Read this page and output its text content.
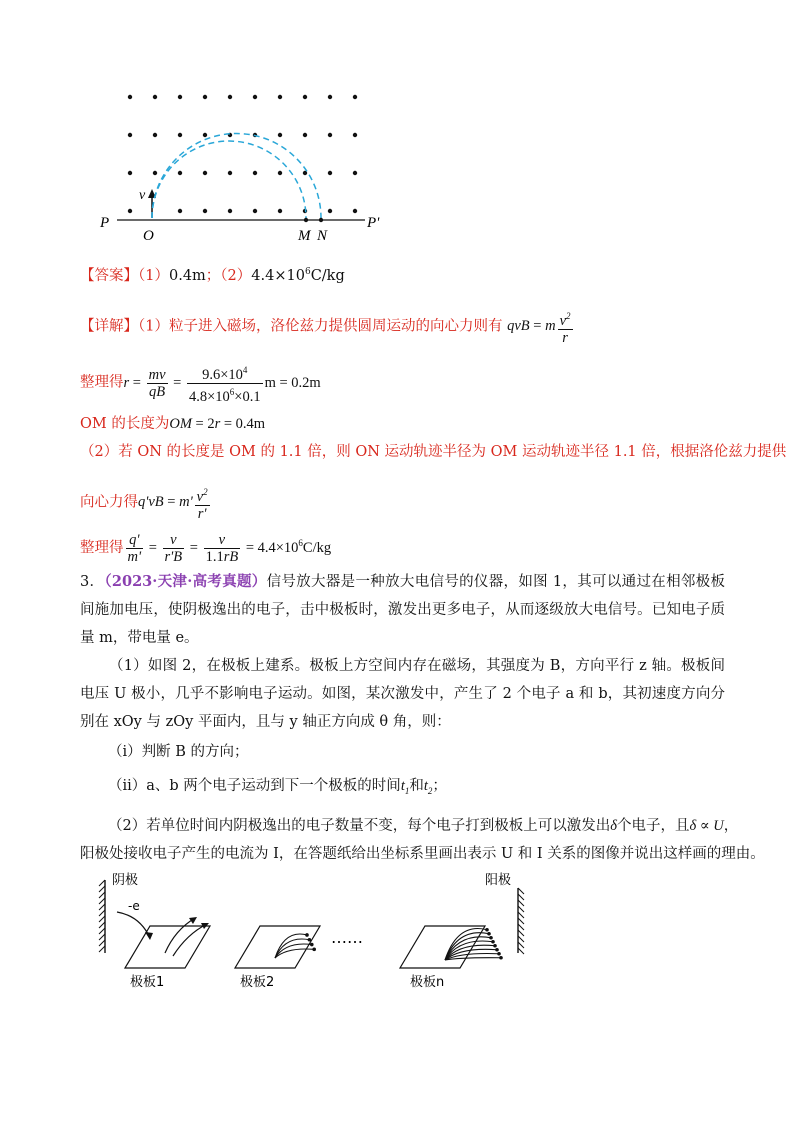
P	P'
O	M N
v
【答案】（1）0.4m；$(2)4.4\times 10^6C/kg$
【详解】（1）粒子进入磁场，洛伦兹力提供圆周运动的向心力则有 qvB = m $\frac{v^2}{r}$
整理得$r = \frac{mv}{qB} = \frac{9.6\times 10^4}{4.8\times 10^6\times 0.1}$ m = 0.2m
OM 的长度为OM = 2r = 0.4m
（2）若 ON 的长度是 OM 的 1.1 倍，则 ON 运动轨迹半径为 OM 运动轨迹半径 1.1 倍，根据洛伦兹力提供
向心力得$q'vB = m' \frac{v^2}{r'}$
整理得 $\frac{q'}{m'} = \frac{v}{r'B} = \frac{v}{1.1rB} = 4.4\times 10^6C/kg$
3．（2023·天津·高考真题）信号放大器是一种放大电信号的仪器，如图 1，其可以通过在相邻极板间施加电压，使阴极逸出的电子，击中极板时，激发出更多电子，从而逐级放大电信号。已知电子质量 m，带电量 e。
（1）如图 2，在极板上建系。极板上方空间内存在磁场，其强度为 B，方向平行 z 轴。极板间电压 U 极小，几乎不影响电子运动。如图，某次激发中，产生了 2 个电子 a 和 b，其初速度方向分别在 xOy 与 zOy 平面内，且与 y 轴正方向成 θ 角，则：
（i）判断 B 的方向；
（ii）a、b 两个电子运动到下一个极板的时间$t_1$和$t_2$；
（2）若单位时间内阴极逸出的电子数量不变，每个电子打到极板上可以激发出δ个电子，且δ ∝ U，
阳极处接收电子产生的电流为 I，在答题纸给出坐标系里画出表示 U 和 I 关系的图像并说出这样画的理由。
阴极
-e
极板1	极板2
……
极板n
阳极
